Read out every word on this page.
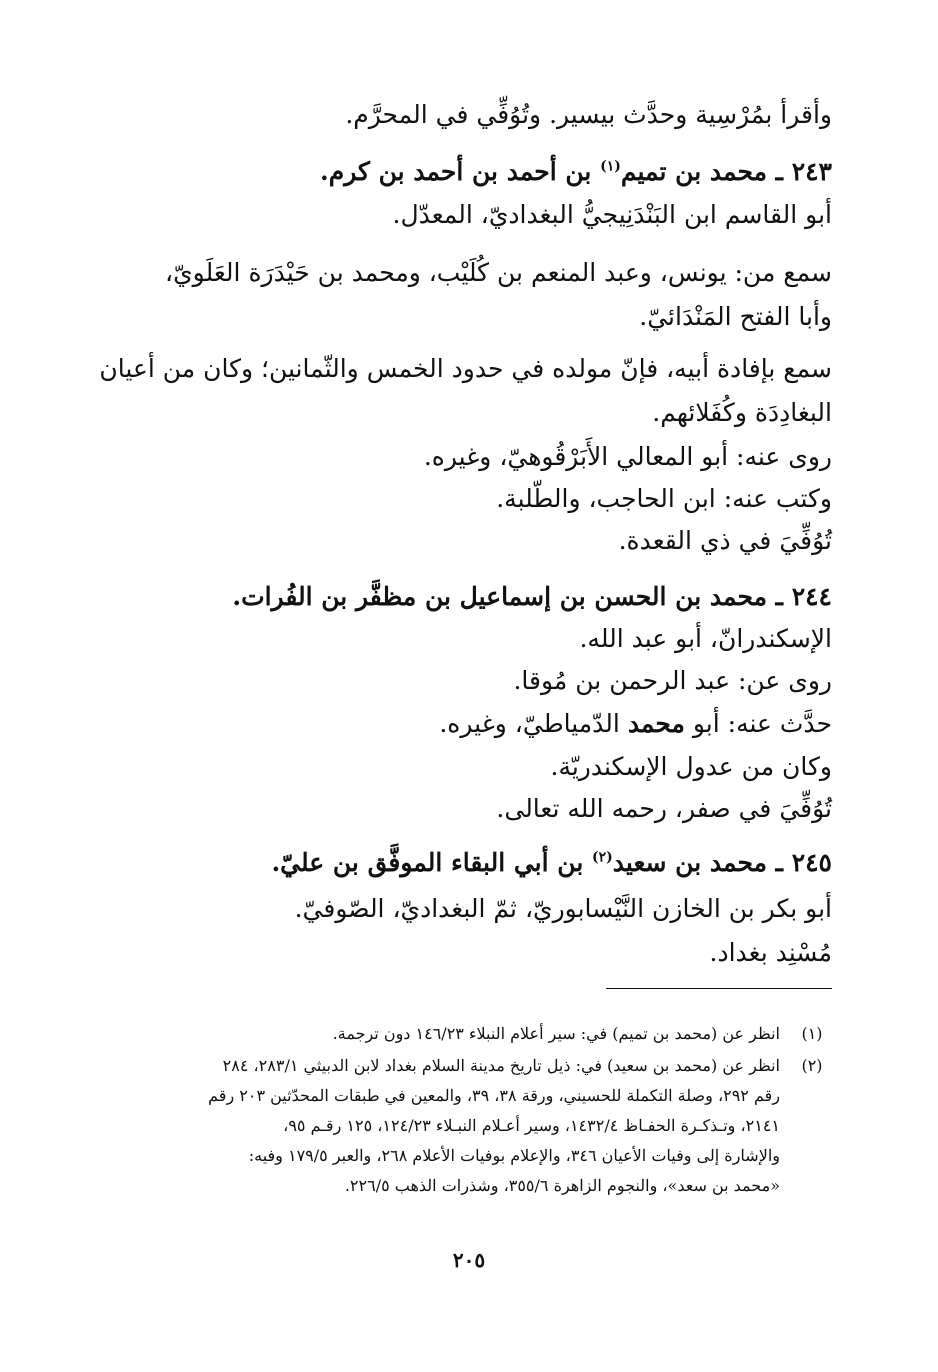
وأقرأ بمُرْسِية وحدَّث بيسير. وتُوُفِّي في المحرَّم.
٢٤٣ ـ محمد بن تميم$^{(١)}$ بن أحمد بن أحمد بن كرم.
أبو القاسم ابن البَنْدَنِيجيُّ البغداديّ، المعدّل.
سمع من: يونس، وعبد المنعم بن كُلَيْب، ومحمد بن حَيْدَرَة العَلَويّ،
وأبا الفتح المَنْدَائيّ.
سمع بإفادة أبيه، فإنّ مولده في حدود الخمس والثّمانين؛ وكان من أعيان
البغادِدَة وكُفَلائهم.
روى عنه: أبو المعالي الأَبَرْقُوهيّ، وغيره.
وكتب عنه: ابن الحاجب، والطّلبة.
تُوُفِّيَ في ذي القعدة.
٢٤٤ ـ محمد بن الحسن بن إسماعيل بن مظفَّر بن الفُرات.
الإسكندرانّ، أبو عبد الله.
روى عن: عبد الرحمن بن مُوقا.
حدَّث عنه: أبو محمد الدّمياطيّ، وغيره.
وكان من عدول الإسكندريّة.
تُوُفِّيَ في صفر، رحمه الله تعالى.
٢٤٥ ـ محمد بن سعيد$^{(٢)}$ بن أبي البقاء الموفَّق بن عليّ.
أبو بكر بن الخازن النَّيْسابوريّ، ثمّ البغداديّ، الصّوفيّ.
مُسْنِد بغداد.
(١)
انظر عن (محمد بن تميم) في: سير أعلام النبلاء ١٤٦/٢٣ دون ترجمة.
(٢)
انظر عن (محمد بن سعيد) في: ذيل تاريخ مدينة السلام بغداد لابن الدبيثي ٢٨٣/١، ٢٨٤
رقم ٢٩٢، وصلة التكملة للحسيني، ورقة ٣٨، ٣٩، والمعين في طبقات المحدّثين ٢٠٣ رقم
٢١٤١، وتـذكـرة الحفـاظ ١٤٣٢/٤، وسير أعـلام النبـلاء ١٢٤/٢٣، ١٢٥ رقـم ٩٥،
والإشارة إلى وفيات الأعيان ٣٤٦، والإعلام بوفيات الأعلام ٢٦٨، والعبر ١٧٩/٥ وفيه:
«محمد بن سعد»، والنجوم الزاهرة ٣٥٥/٦، وشذرات الذهب ٢٢٦/٥.
٢٠٥
